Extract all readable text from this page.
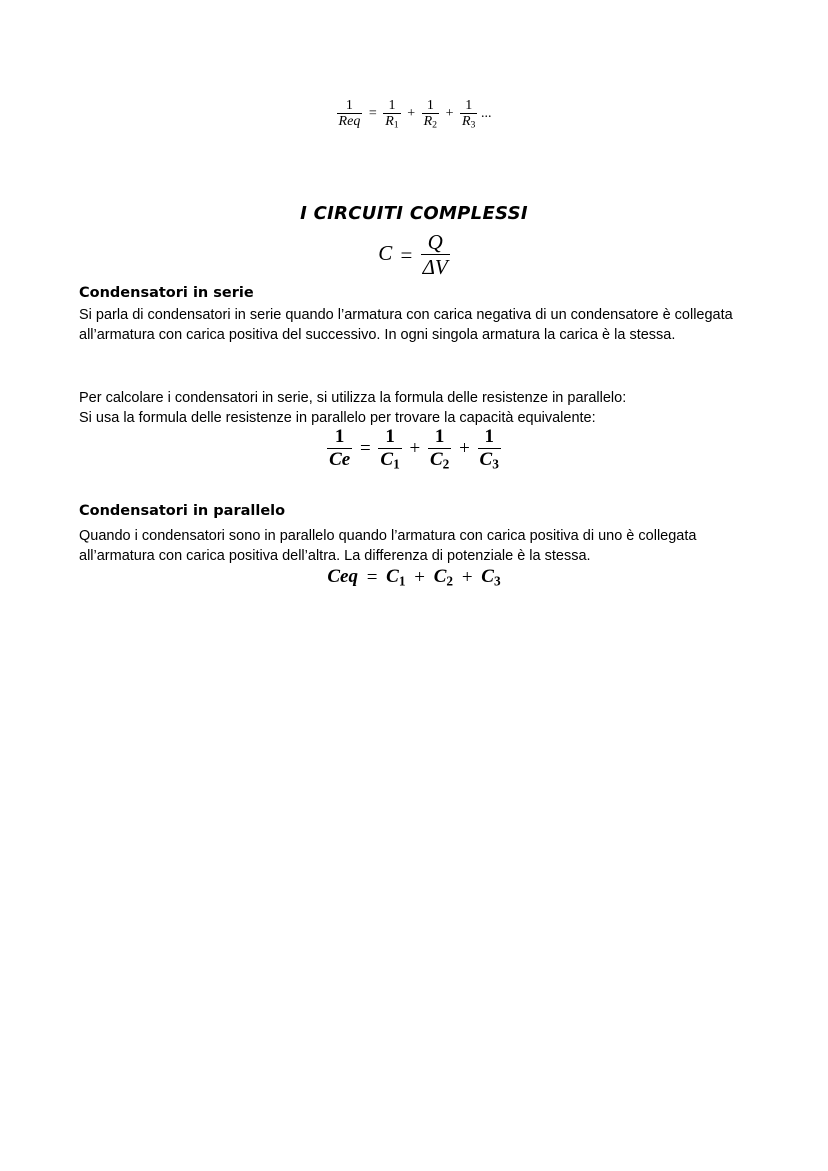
$\frac{1}{\text{Req}} = \frac{1}{R_1} + \frac{1}{R_2} + \frac{1}{R_3}$ ...
I CIRCUITI COMPLESSI
$C = \frac{Q}{\Delta V}$
Condensatori in serie

Si parla di condensatori in serie quando l’armatura con carica negativa di un condensatore è collegata all’armatura con carica positiva del successivo. In ogni singola armatura la carica è la stessa.

Per calcolare i condensatori in serie, si utilizza la formula delle resistenze in parallelo:

Si usa la formula delle resistenze in parallelo per trovare la capacità equivalente:

$\frac{1}{Ce} = \frac{1}{C_1} + \frac{1}{C_2} + \frac{1}{C_3}$
Condensatori in parallelo

Quando i condensatori sono in parallelo quando l’armatura con carica positiva di uno è collegata all’armatura con carica positiva dell’altra. La differenza di potenziale è la stessa.

Ceq = $C_1 + C_2 + C_3$
